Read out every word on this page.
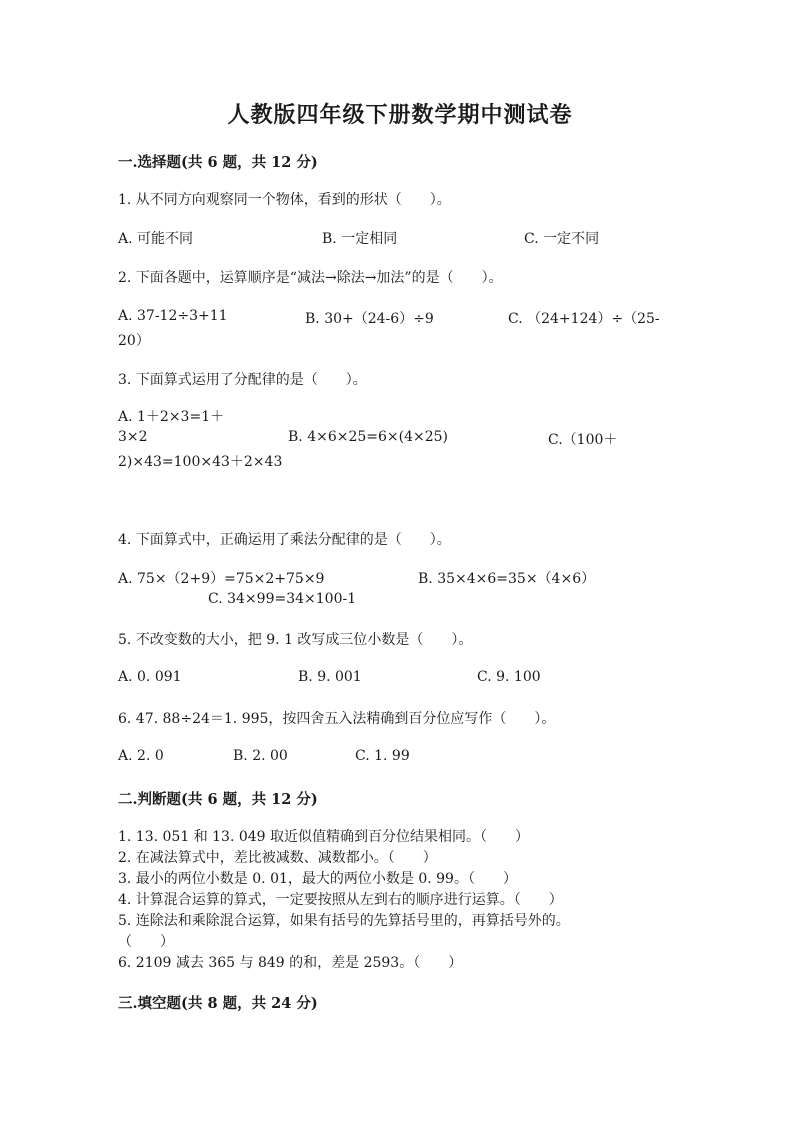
人教版四年级下册数学期中测试卷
一.选择题(共 6 题，共 12 分)
1. 从不同方向观察同一个物体，看到的形状（　　）。
A. 可能不同	B. 一定相同	C. 一定不同
2. 下面各题中，运算顺序是“减法→除法→加法”的是（　　）。
A. 37-12÷3+11	B. 30+（24-6）÷9	C. （24+124）÷（25-
20）
3. 下面算式运用了分配律的是（　　）。
A. 1＋2×3=1＋
3×2	B. 4×6×25=6×(4×25)	C.（100＋
2)×43=100×43＋2×43
4. 下面算式中，正确运用了乘法分配律的是（　　）。
A. 75×（2+9）=75×2+75×9	B. 35×4×6=35×（4×6）
C. 34×99=34×100-1
5. 不改变数的大小，把 9. 1 改写成三位小数是（　　）。
A. 0. 091	B. 9. 001	C. 9. 100
6. 47. 88÷24＝1. 995，按四舍五入法精确到百分位应写作（　　）。
A. 2. 0	B. 2. 00	C. 1. 99
二.判断题(共 6 题，共 12 分)
1. 13. 051 和 13. 049 取近似值精确到百分位结果相同。（　　）
2. 在减法算式中，差比被减数、减数都小。（　　）
3. 最小的两位小数是 0. 01，最大的两位小数是 0. 99。（　　）
4. 计算混合运算的算式，一定要按照从左到右的顺序进行运算。（　　）
5. 连除法和乘除混合运算，如果有括号的先算括号里的，再算括号外的。
（　　）
6. 2109 减去 365 与 849 的和，差是 2593。（　　）
三.填空题(共 8 题，共 24 分)
